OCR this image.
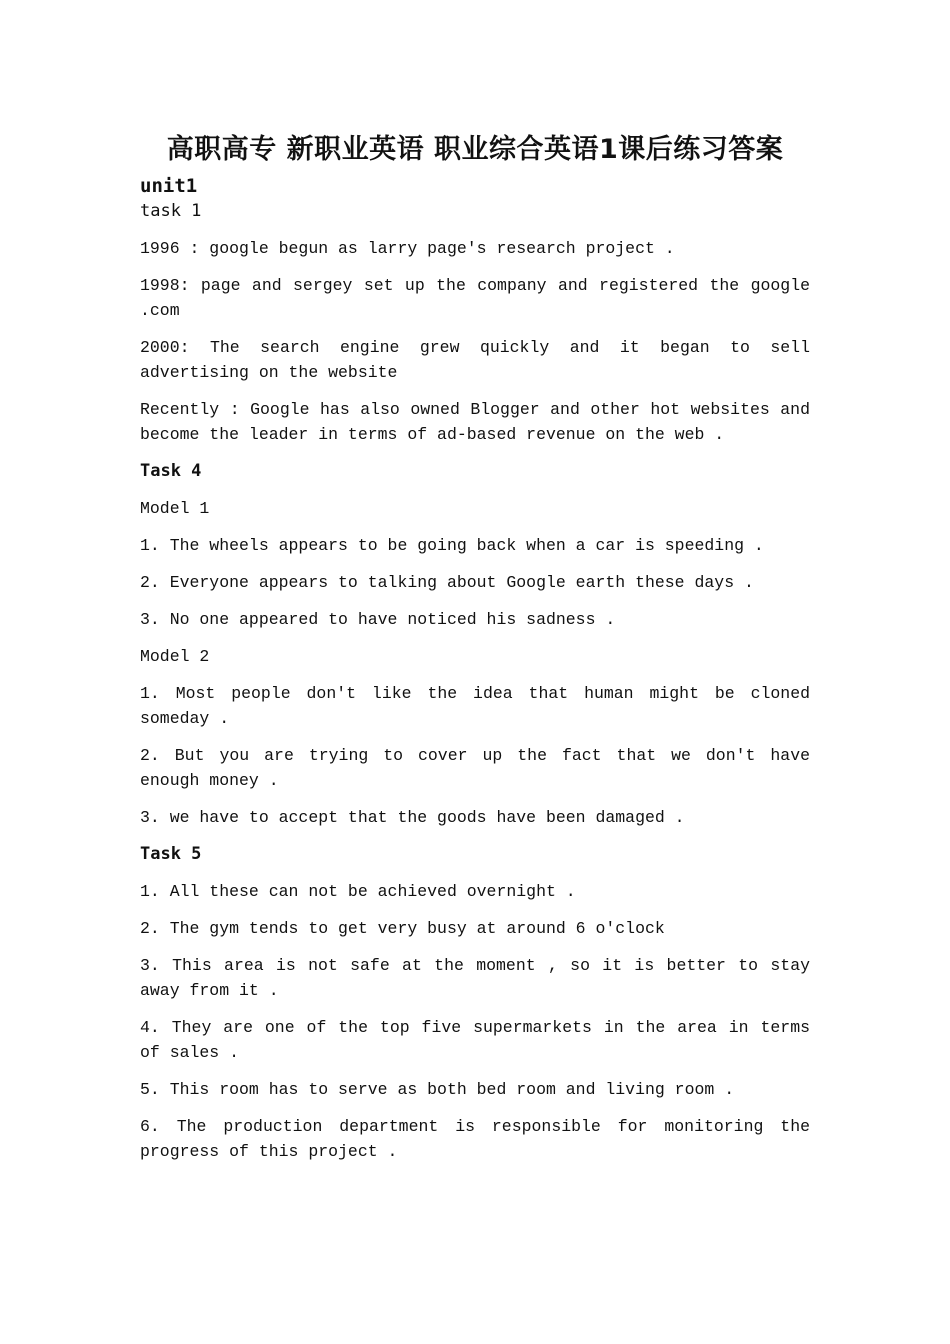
高职高专 新职业英语 职业综合英语1课后练习答案
unit1
task 1

1996 : google begun as larry page's research project .

1998: page and sergey set up the company and registered the google .com

2000: The search engine grew quickly and it began to sell advertising on the website

Recently : Google has also owned Blogger and other hot websites and become the leader in terms of ad-based revenue on the web .

Task 4

Model 1

1. The wheels appears to be going back when a car is speeding .

2. Everyone appears to talking about Google earth these days .

3. No one appeared to have noticed his sadness .

Model 2

1. Most people don't like the idea that human might be cloned someday .

2. But you are trying to cover up the fact that we don't have enough money .

3. we have to accept that the goods have been damaged .

Task 5

1. All these can not be achieved overnight .

2. The gym tends to get very busy at around 6 o'clock

3. This area is not safe at the moment , so it is better to stay away from it .

4. They are one of the top five supermarkets in the area in terms of sales .

5. This room has to serve as both bed room and living room .

6. The production department is responsible for monitoring the progress of this project .
